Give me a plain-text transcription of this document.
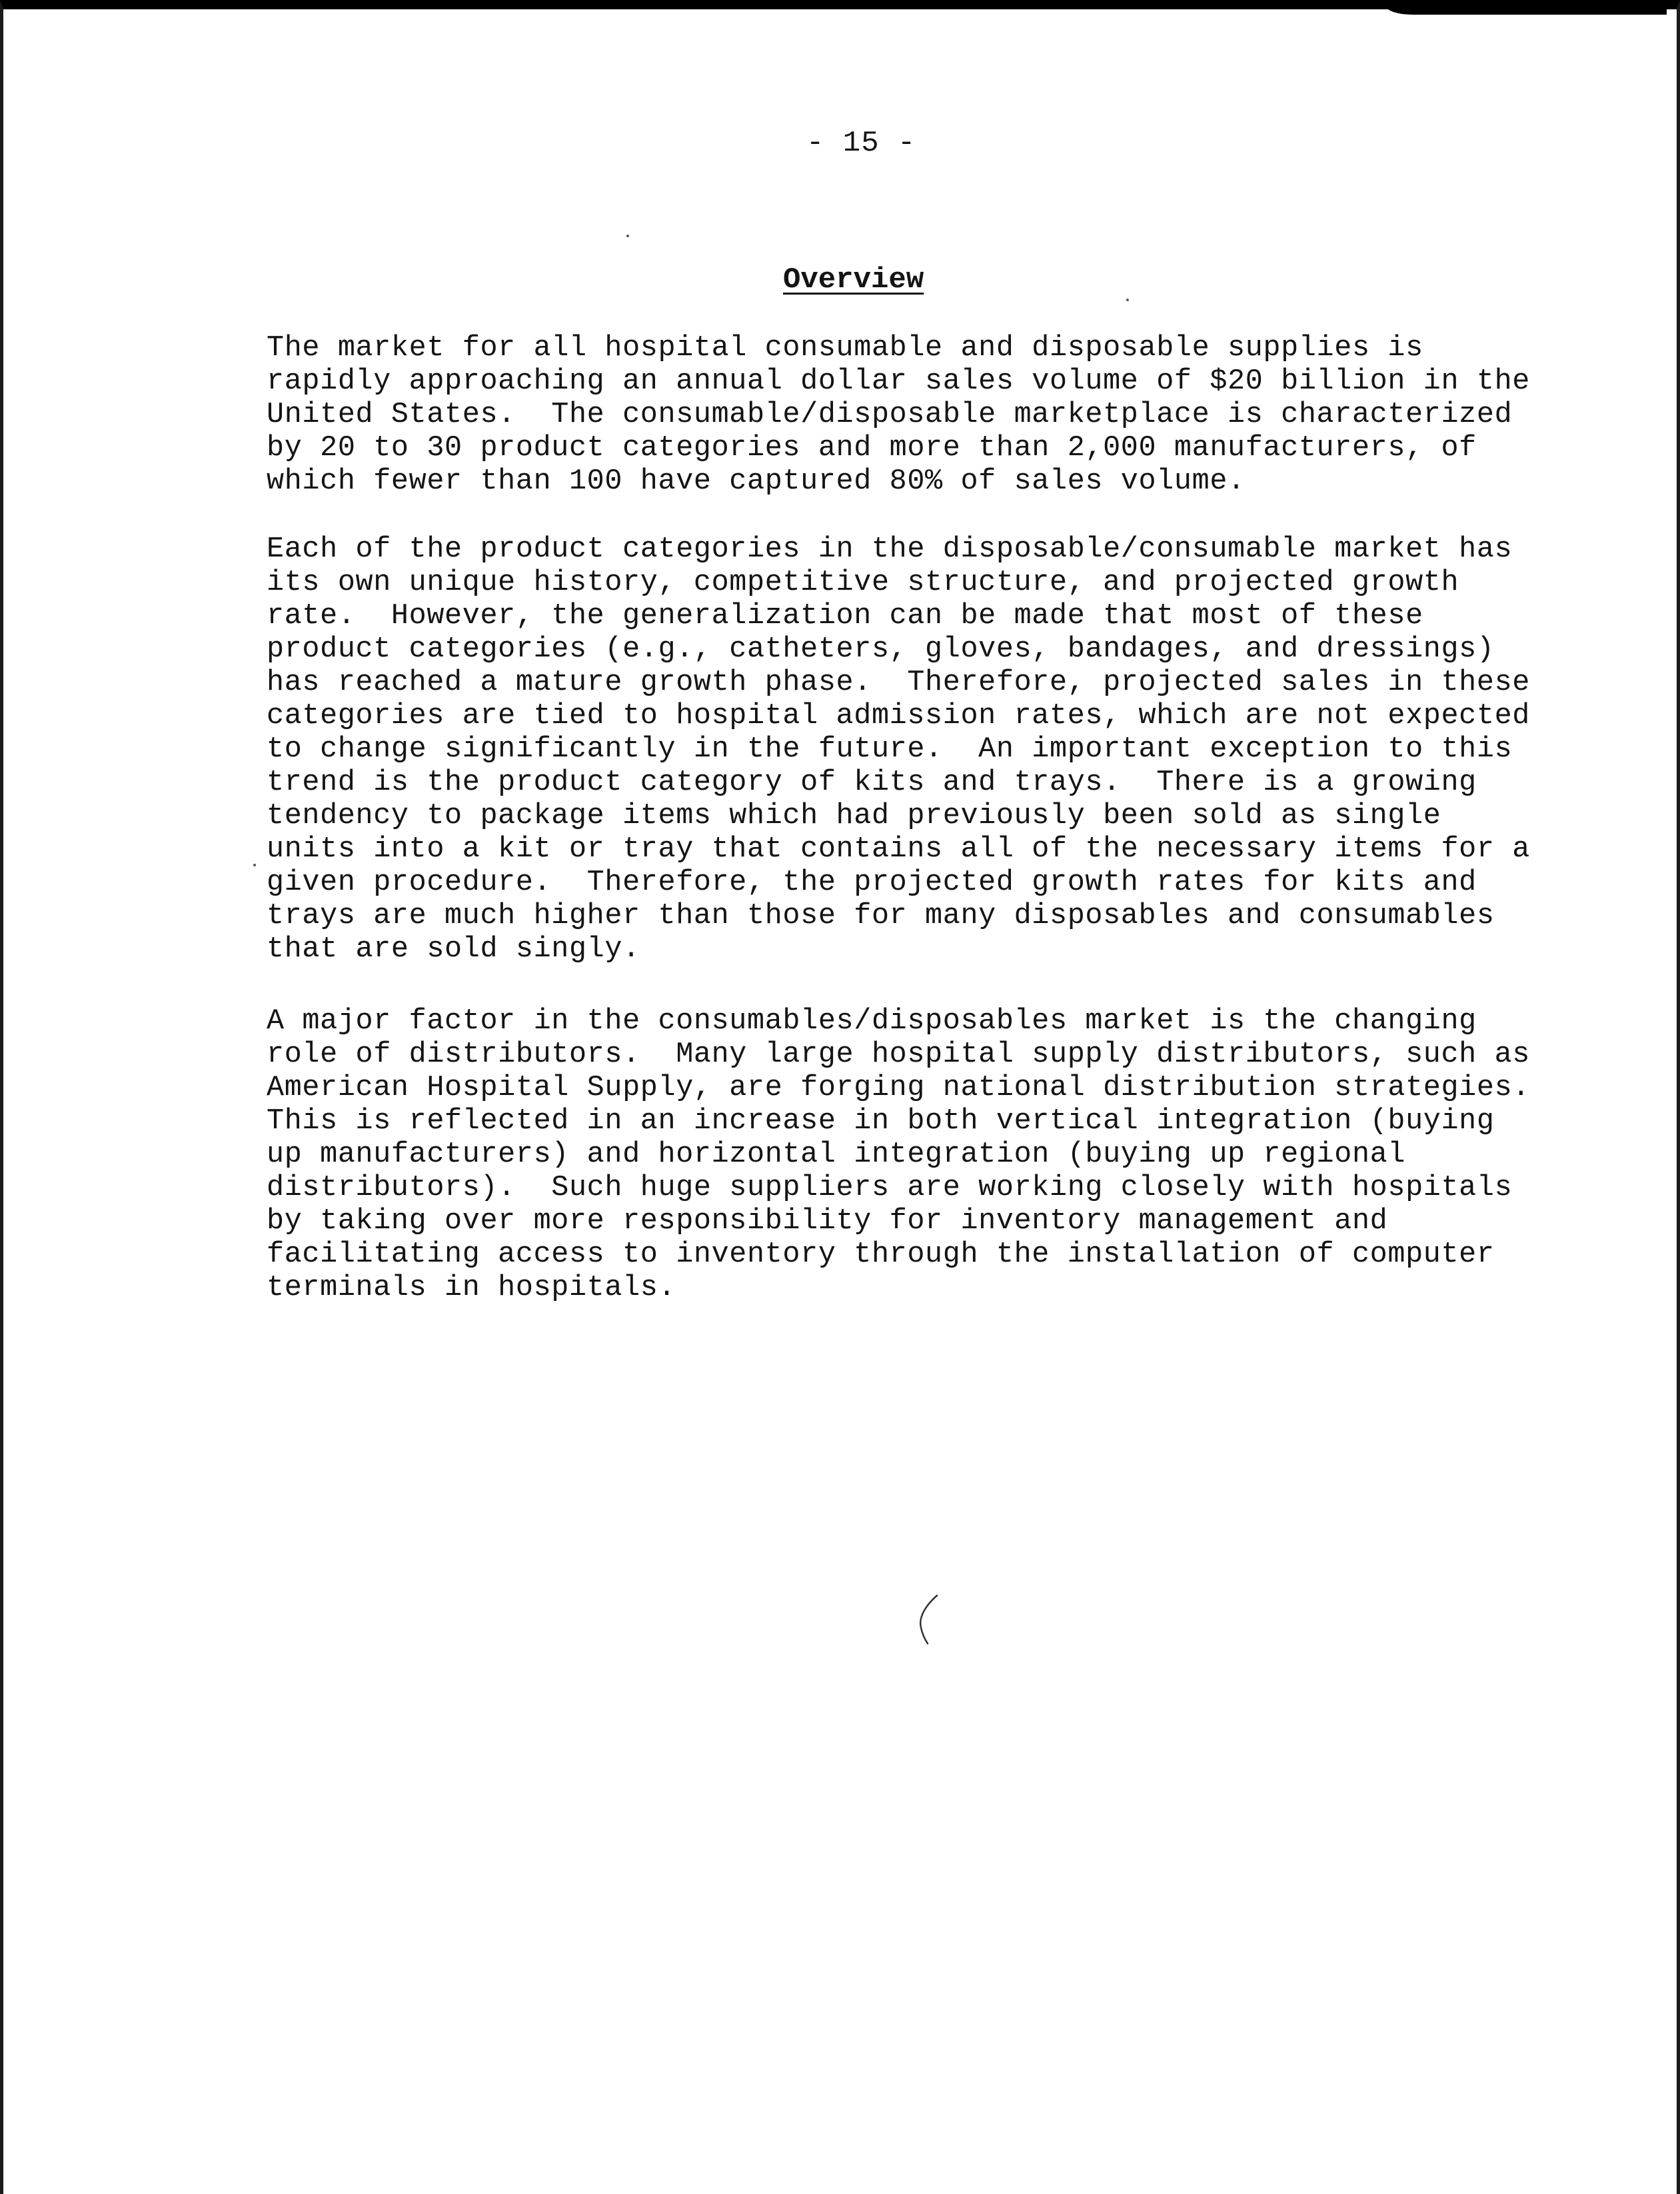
- 15 -
Overview
The market for all hospital consumable and disposable supplies is
rapidly approaching an annual dollar sales volume of $20 billion in the
United States.  The consumable/disposable marketplace is characterized
by 20 to 30 product categories and more than 2,000 manufacturers, of
which fewer than 100 have captured 80% of sales volume.
Each of the product categories in the disposable/consumable market has
its own unique history, competitive structure, and projected growth
rate.  However, the generalization can be made that most of these
product categories (e.g., catheters, gloves, bandages, and dressings)
has reached a mature growth phase.  Therefore, projected sales in these
categories are tied to hospital admission rates, which are not expected
to change significantly in the future.  An important exception to this
trend is the product category of kits and trays.  There is a growing
tendency to package items which had previously been sold as single
units into a kit or tray that contains all of the necessary items for a
given procedure.  Therefore, the projected growth rates for kits and
trays are much higher than those for many disposables and consumables
that are sold singly.
A major factor in the consumables/disposables market is the changing
role of distributors.  Many large hospital supply distributors, such as
American Hospital Supply, are forging national distribution strategies.
This is reflected in an increase in both vertical integration (buying
up manufacturers) and horizontal integration (buying up regional
distributors).  Such huge suppliers are working closely with hospitals
by taking over more responsibility for inventory management and
facilitating access to inventory through the installation of computer
terminals in hospitals.
